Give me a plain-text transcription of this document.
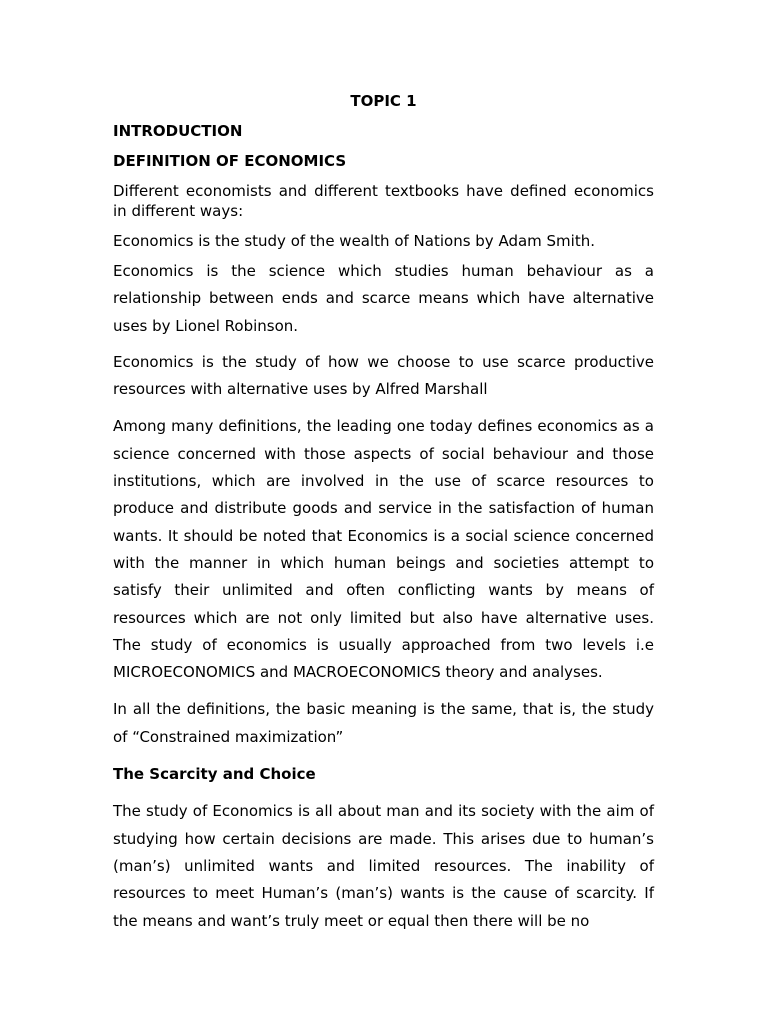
TOPIC 1
INTRODUCTION
DEFINITION OF ECONOMICS

Different economists and different textbooks have defined economics in different ways:

Economics is the study of the wealth of Nations by Adam Smith.

Economics is the science which studies human behaviour as a relationship between ends and scarce means which have alternative uses by Lionel Robinson.

Economics is the study of how we choose to use scarce productive resources with alternative uses by Alfred Marshall

Among many definitions, the leading one today defines economics as a science concerned with those aspects of social behaviour and those institutions, which are involved in the use of scarce resources to produce and distribute goods and service in the satisfaction of human wants. It should be noted that Economics is a social science concerned with the manner in which human beings and societies attempt to satisfy their unlimited and often conflicting wants by means of resources which are not only limited but also have alternative uses. The study of economics is usually approached from two levels i.e MICROECONOMICS and MACROECONOMICS theory and analyses.

In all the definitions, the basic meaning is the same, that is, the study of “Constrained maximization”

The Scarcity and Choice

The study of Economics is all about man and its society with the aim of studying how certain decisions are made. This arises due to human’s (man’s) unlimited wants and limited resources. The inability of resources to meet Human’s (man’s) wants is the cause of scarcity. If the means and want’s truly meet or equal then there will be no
